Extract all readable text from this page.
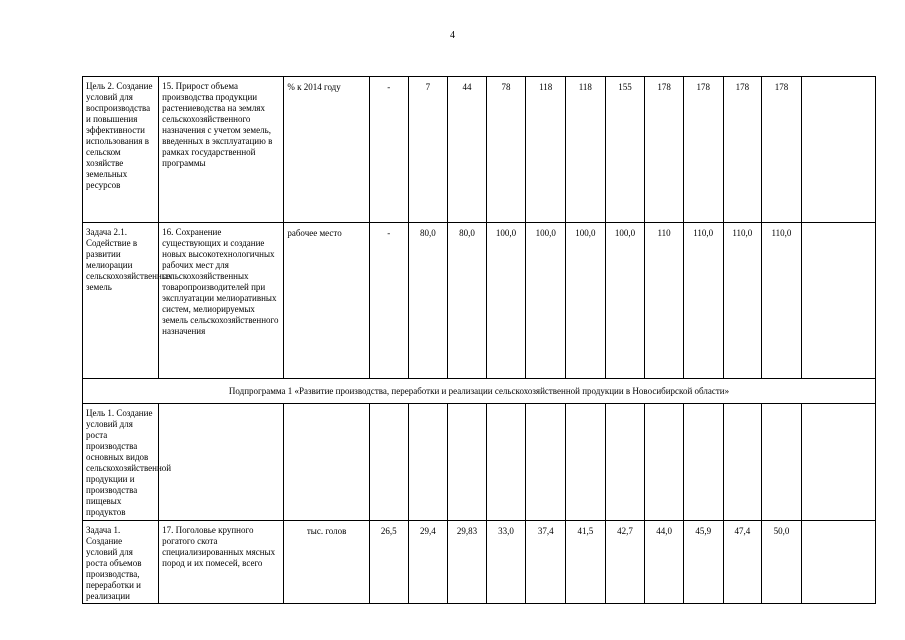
4
Цель 2. Создание условий для воспроизводства и повышения эффективности использования в сельском хозяйстве земельных ресурсов	15. Прирост объема производства продукции растениеводства на землях сельскохозяйственного назначения с учетом земель, введенных в эксплуатацию в рамках государственной программы	% к 2014 году	-	7	44	78	118	118	155	178	178	178	178	
Задача 2.1. Содействие в развитии мелиорации сельскохозяйственных земель	16. Сохранение существующих и создание новых высокотехнологичных рабочих мест для сельскохозяйственных товаропроизводителей при эксплуатации мелиоративных систем, мелиорируемых земель сельскохозяйственного назначения	рабочее место	-	80,0	80,0	100,0	100,0	100,0	100,0	110	110,0	110,0	110,0	
Подпрограмма 1 «Развитие производства, переработки и реализации сельскохозяйственной продукции в Новосибирской области»														
Цель 1. Создание условий для роста производства основных видов сельскохозяйственной продукции и производства пищевых продуктов														
Задача 1. Создание условий для роста объемов производства, переработки и реализации	17. Поголовье крупного рогатого скота специализированных мясных пород и их помесей, всего	тыс. голов	26,5	29,4	29,83	33,0	37,4	41,5	42,7	44,0	45,9	47,4	50,0	
